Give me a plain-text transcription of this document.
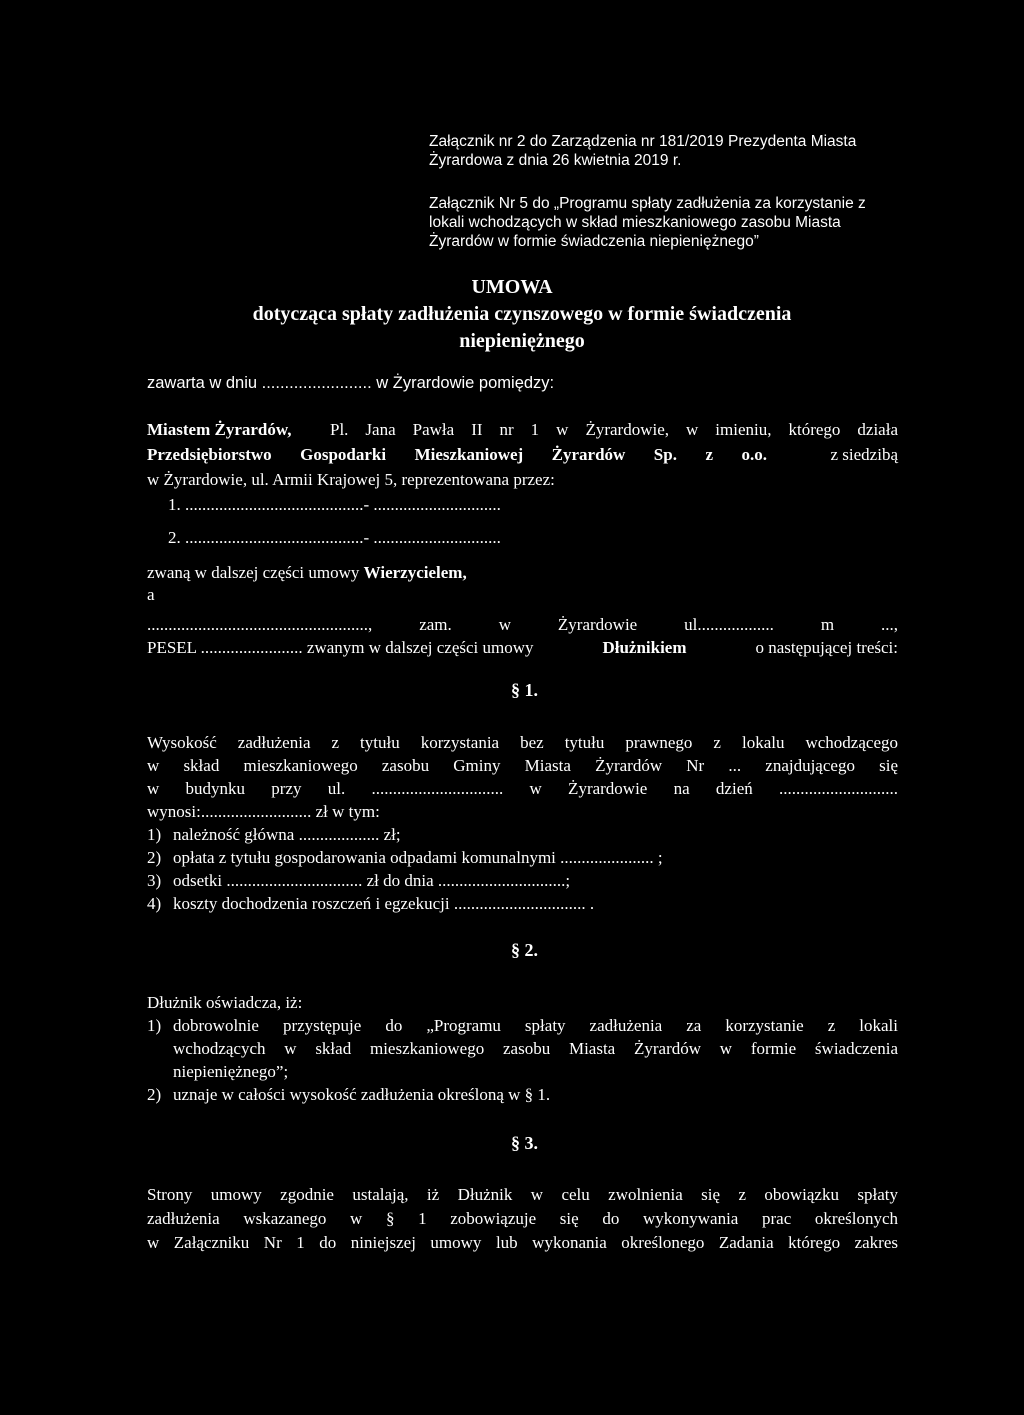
Załącznik nr 2 do Zarządzenia nr 181/2019 Prezydenta Miasta
Żyrardowa z dnia 26 kwietnia 2019 r.
Załącznik Nr 5 do „Programu spłaty zadłużenia za korzystanie z
lokali wchodzących w skład mieszkaniowego zasobu Miasta
Żyrardów w formie świadczenia niepieniężnego”
UMOWA
dotycząca spłaty zadłużenia czynszowego w formie świadczenia
niepieniężnego
zawarta w dniu ........................ w Żyrardowie pomiędzy:
Miastem Żyrardów, Pl. Jana Pawła II nr 1 w Żyrardowie, w imieniu, którego działa
Przedsiębiorstwo Gospodarki Mieszkaniowej Żyrardów Sp. z o.o.	z siedzibą
w Żyrardowie, ul. Armii Krajowej 5, reprezentowana przez:
1. ..........................................- ..............................
2. ..........................................- ..............................
zwaną w dalszej części umowy Wierzycielem,
a
...................................................., zam. w Żyrardowie ul.................. m ...,
PESEL ........................ zwanym w dalszej części umowy	Dłużnikiem	o następującej treści:
§ 1.
Wysokość zadłużenia z tytułu korzystania bez tytułu prawnego z lokalu wchodzącego
w skład mieszkaniowego zasobu Gminy Miasta Żyrardów Nr ... znajdującego się
w budynku przy ul. ............................... w Żyrardowie na dzień ............................
wynosi:.......................... zł w tym:
1) należność główna ................... zł;
2) opłata z tytułu gospodarowania odpadami komunalnymi ...................... ;
3) odsetki ................................ zł do dnia ..............................;
4) koszty dochodzenia roszczeń i egzekucji ............................... .
§ 2.
Dłużnik oświadcza, iż:
1) dobrowolnie przystępuje do „Programu spłaty zadłużenia za korzystanie z lokali
wchodzących w skład mieszkaniowego zasobu Miasta Żyrardów w formie świadczenia
niepieniężnego”;
2) uznaje w całości wysokość zadłużenia określoną w § 1.
§ 3.
Strony umowy zgodnie ustalają, iż Dłużnik w celu zwolnienia się z obowiązku spłaty
zadłużenia wskazanego w § 1 zobowiązuje się do wykonywania prac określonych
w Załączniku Nr 1 do niniejszej umowy lub wykonania określonego Zadania którego zakres
